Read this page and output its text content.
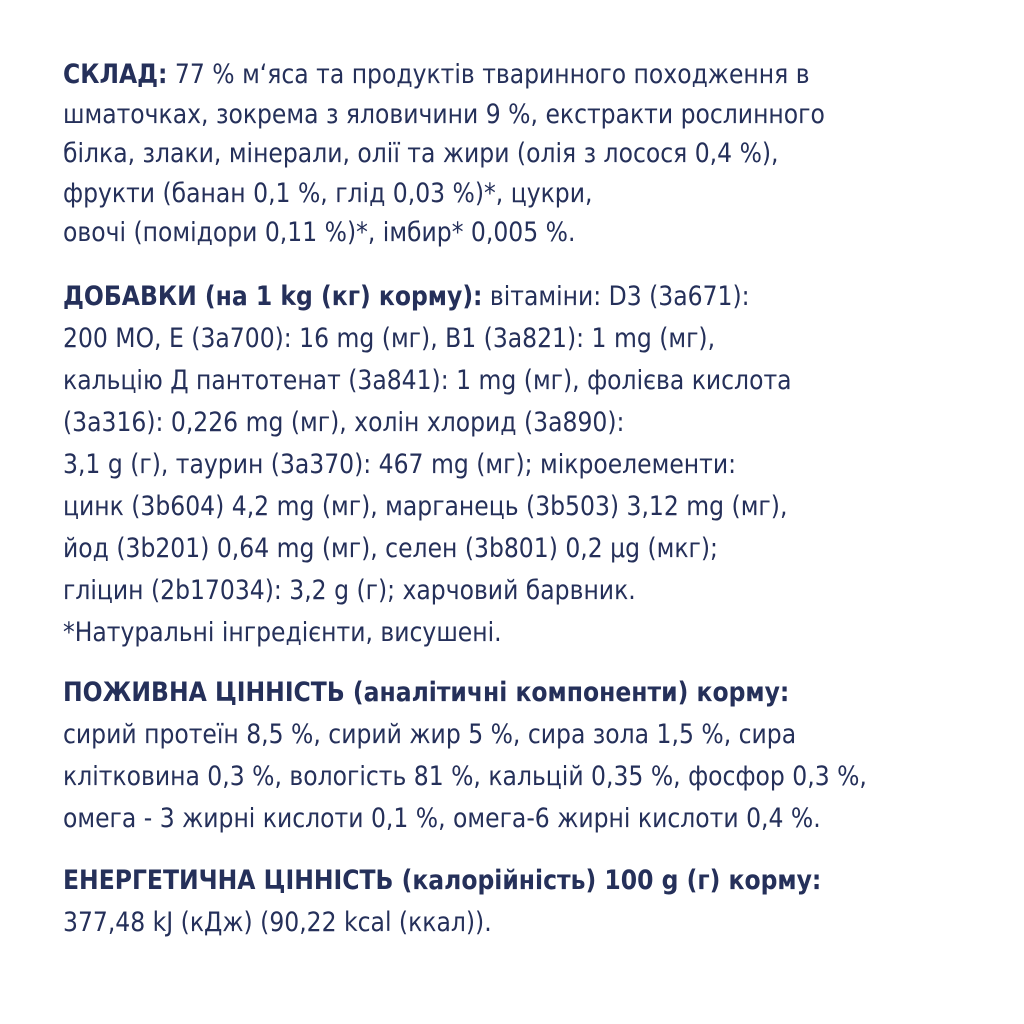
СКЛАД: 77 % м‘яса та продуктів тваринного походження в
шматочках, зокрема з яловичини 9 %, екстракти рослинного
білка, злаки, мінерали, олії та жири (олія з лосося 0,4 %),
фрукти (банан 0,1 %, глід 0,03 %)*, цукри,
овочі (помідори 0,11 %)*, імбир* 0,005 %.
ДОБАВКИ (на 1 kg (кг) корму): вітаміни: D3 (3a671):
200 МО, Е (3a700): 16 mg (мг), B1 (3a821): 1 mg (мг),
кальцію Д пантотенат (3a841): 1 mg (мг), фолієва кислота
(3a316): 0,226 mg (мг), холін хлорид (3a890):
3,1 g (г), таурин (3a370): 467 mg (мг); мікроелементи:
цинк (3b604) 4,2 mg (мг), марганець (3b503) 3,12 mg (мг),
йод (3b201) 0,64 mg (мг), селен (3b801) 0,2 µg (мкг);
гліцин (2b17034): 3,2 g (г); харчовий барвник.
*Натуральні інгредієнти, висушені.
ПОЖИВНА ЦІННІСТЬ (аналітичні компоненти) корму:
сирий протеїн 8,5 %, сирий жир 5 %, сира зола 1,5 %, сира
клітковина 0,3 %, вологість 81 %, кальцій 0,35 %, фосфор 0,3 %,
омега - 3 жирні кислоти 0,1 %, омега-6 жирні кислоти 0,4 %.
ЕНЕРГЕТИЧНА ЦІННІСТЬ (калорійність) 100 g (г) корму:
377,48 kJ (кДж) (90,22 kcal (ккал)).
